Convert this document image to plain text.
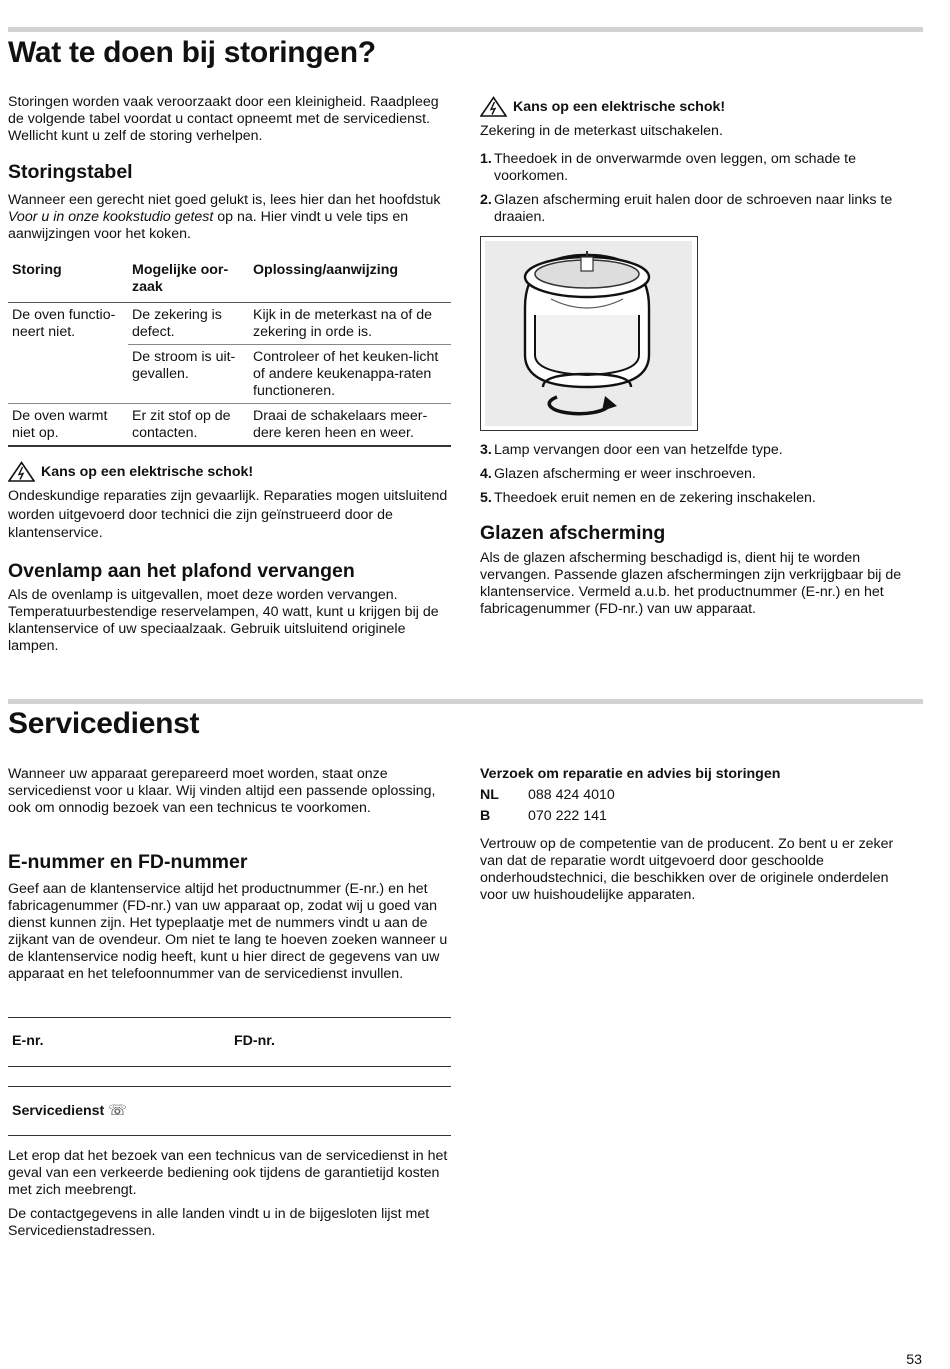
Wat te doen bij storingen?
Storingen worden vaak veroorzaakt door een kleinigheid. Raadpleeg de volgende tabel voordat u contact opneemt met de servicedienst. Wellicht kunt u zelf de storing verhelpen.
Storingstabel
Wanneer een gerecht niet goed gelukt is, lees hier dan het hoofdstuk Voor u in onze kookstudio getest op na. Hier vindt u vele tips en aanwijzingen voor het koken.
Storing	Mogelijke oor-zaak	Oplossing/aanwijzing
De oven functio-neert niet.	De zekering is defect.	Kijk in de meterkast na of de zekering in orde is.
	De stroom is uit-gevallen.	Controleer of het keuken-licht of andere keukenappa-raten functioneren.
De oven warmt niet op.	Er zit stof op de contacten.	Draai de schakelaars meer-dere keren heen en weer.
Kans op een elektrische schok!
Ondeskundige reparaties zijn gevaarlijk. Reparaties mogen uitsluitend worden uitgevoerd door technici die zijn geïnstrueerd door de klantenservice.
Ovenlamp aan het plafond vervangen
Als de ovenlamp is uitgevallen, moet deze worden vervangen. Temperatuurbestendige reservelampen, 40 watt, kunt u krijgen bij de klantenservice of uw speciaalzaak. Gebruik uitsluitend originele lampen.
Kans op een elektrische schok!
Zekering in de meterkast uitschakelen.
1. Theedoek in de onverwarmde oven leggen, om schade te voorkomen.
2. Glazen afscherming eruit halen door de schroeven naar links te draaien.
3. Lamp vervangen door een van hetzelfde type.
4. Glazen afscherming er weer inschroeven.
5. Theedoek eruit nemen en de zekering inschakelen.
Glazen afscherming
Als de glazen afscherming beschadigd is, dient hij te worden vervangen. Passende glazen afschermingen zijn verkrijgbaar bij de klantenservice. Vermeld a.u.b. het productnummer (E-nr.) en het fabricagenummer (FD-nr.) van uw apparaat.
Servicedienst
Wanneer uw apparaat gerepareerd moet worden, staat onze servicedienst voor u klaar. Wij vinden altijd een passende oplossing, ook om onnodig bezoek van een technicus te voorkomen.
E-nummer en FD-nummer
Geef aan de klantenservice altijd het productnummer (E-nr.) en het fabricagenummer (FD-nr.) van uw apparaat op, zodat wij u goed van dienst kunnen zijn. Het typeplaatje met de nummers vindt u aan de zijkant van de ovendeur. Om niet te lang te hoeven zoeken wanneer u de klantenservice nodig heeft, kunt u hier direct de gegevens van uw apparaat en het telefoonnummer van de servicedienst invullen.
E-nr.	FD-nr.
Servicedienst ☏
Let erop dat het bezoek van een technicus van de servicedienst in het geval van een verkeerde bediening ook tijdens de garantietijd kosten met zich meebrengt.
De contactgegevens in alle landen vindt u in de bijgesloten lijst met Servicedienstadressen.
Verzoek om reparatie en advies bij storingen
NL 088 424 4010
B	070 222 141
Vertrouw op de competentie van de producent. Zo bent u er zeker van dat de reparatie wordt uitgevoerd door geschoolde onderhoudstechnici, die beschikken over de originele onderdelen voor uw huishoudelijke apparaten.
53
